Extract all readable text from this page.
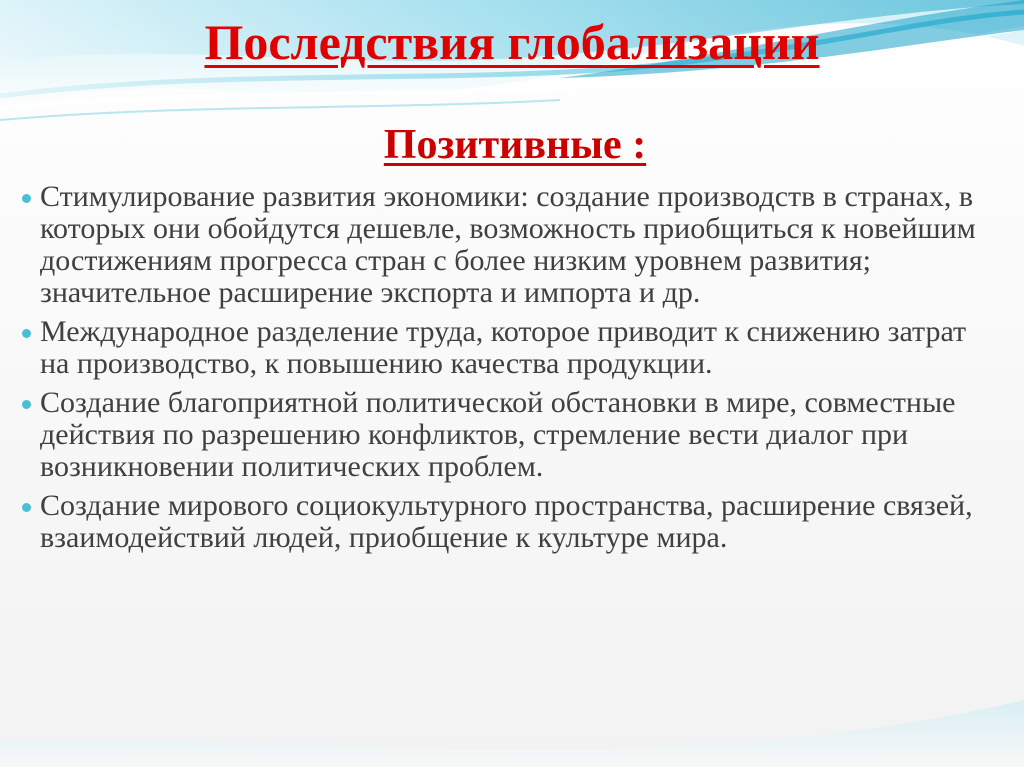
Последствия глобализации
Позитивные :
Стимулирование развития экономики: создание производств в странах, в которых они обойдутся дешевле, возможность приобщиться к новейшим достижениям прогресса стран с более низким уровнем развития; значительное расширение экспорта и импорта и др.
Международное разделение труда, которое приводит к снижению затрат на производство, к повышению качества продукции.
Создание благоприятной политической обстановки в мире, совместные действия по разрешению конфликтов, стремление вести диалог при возникновении политических проблем.
Создание мирового социокультурного пространства, расширение связей, взаимодействий людей, приобщение к культуре мира.
